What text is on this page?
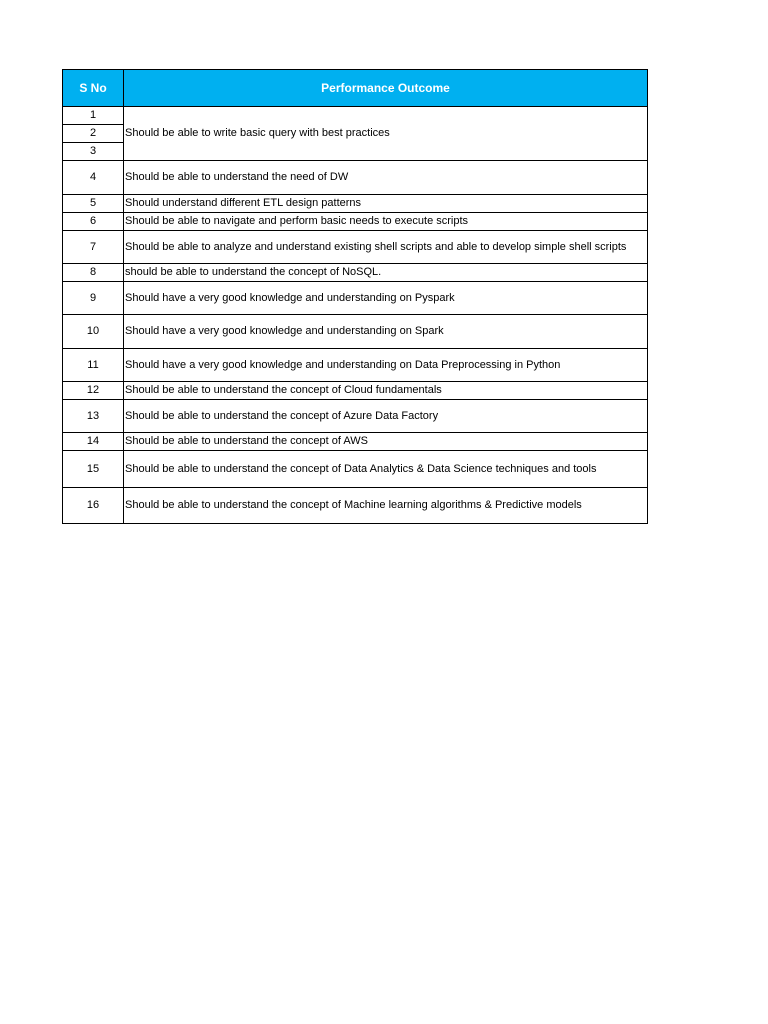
S No	Performance Outcome
1	Should be able to write basic query with best practices
2	
3	
4	Should be able to understand the need of DW
5	Should understand different ETL design patterns
6	Should be able to navigate and perform basic needs to execute scripts
7	Should be able to analyze and understand existing shell scripts and able to develop simple shell scripts
8	should be able to understand the concept of NoSQL.
9	Should have a very good knowledge and understanding on Pyspark
10	Should have a very good knowledge and understanding on Spark
11	Should have a very good knowledge and understanding on Data Preprocessing in Python
12	Should be able to understand the concept of Cloud fundamentals
13	Should be able to understand the concept of Azure Data Factory
14	Should be able to understand the concept of AWS
15	Should be able to understand the concept of Data Analytics & Data Science techniques and tools
16	Should be able to understand the concept of Machine learning algorithms & Predictive models
